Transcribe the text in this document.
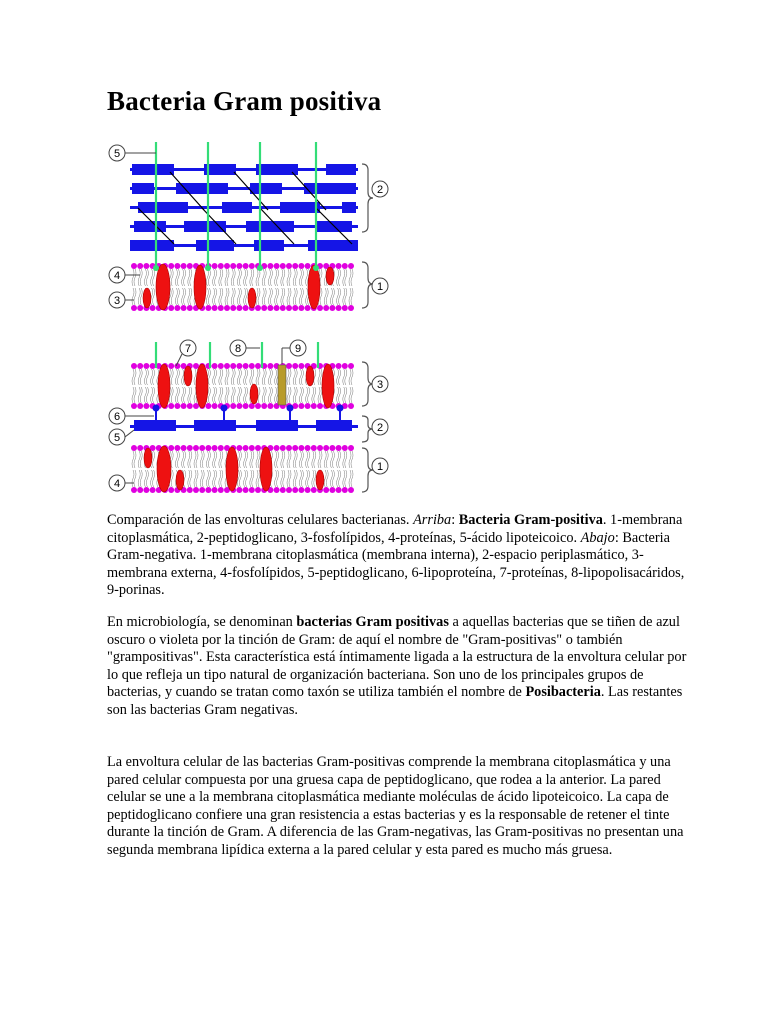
Bacteria Gram positiva
5
2
4
3
1
7	8	9
3
6
2
5
1
4

Comparación de las envolturas celulares bacterianas. Arriba: Bacteria Gram-positiva. 1-membrana citoplasmática, 2-peptidoglicano, 3-fosfolípidos, 4-proteínas, 5-ácido lipoteicoico. Abajo: Bacteria Gram-negativa. 1-membrana citoplasmática (membrana interna), 2-espacio periplasmático, 3-membrana externa, 4-fosfolípidos, 5-peptidoglicano, 6-lipoproteína, 7-proteínas, 8-lipopolisacáridos, 9-porinas.

En microbiología, se denominan bacterias Gram positivas a aquellas bacterias que se tiñen de azul oscuro o violeta por la tinción de Gram: de aquí el nombre de "Gram-positivas" o también "grampositivas". Esta característica está íntimamente ligada a la estructura de la envoltura celular por lo que refleja un tipo natural de organización bacteriana. Son uno de los principales grupos de bacterias, y cuando se tratan como taxón se utiliza también el nombre de Posibacteria. Las restantes son las bacterias Gram negativas.

La envoltura celular de las bacterias Gram-positivas comprende la membrana citoplasmática y una pared celular compuesta por una gruesa capa de peptidoglicano, que rodea a la anterior. La pared celular se une a la membrana citoplasmática mediante moléculas de ácido lipoteicoico. La capa de peptidoglicano confiere una gran resistencia a estas bacterias y es la responsable de retener el tinte durante la tinción de Gram. A diferencia de las Gram-negativas, las Gram-positivas no presentan una segunda membrana lipídica externa a la pared celular y esta pared es mucho más gruesa.
